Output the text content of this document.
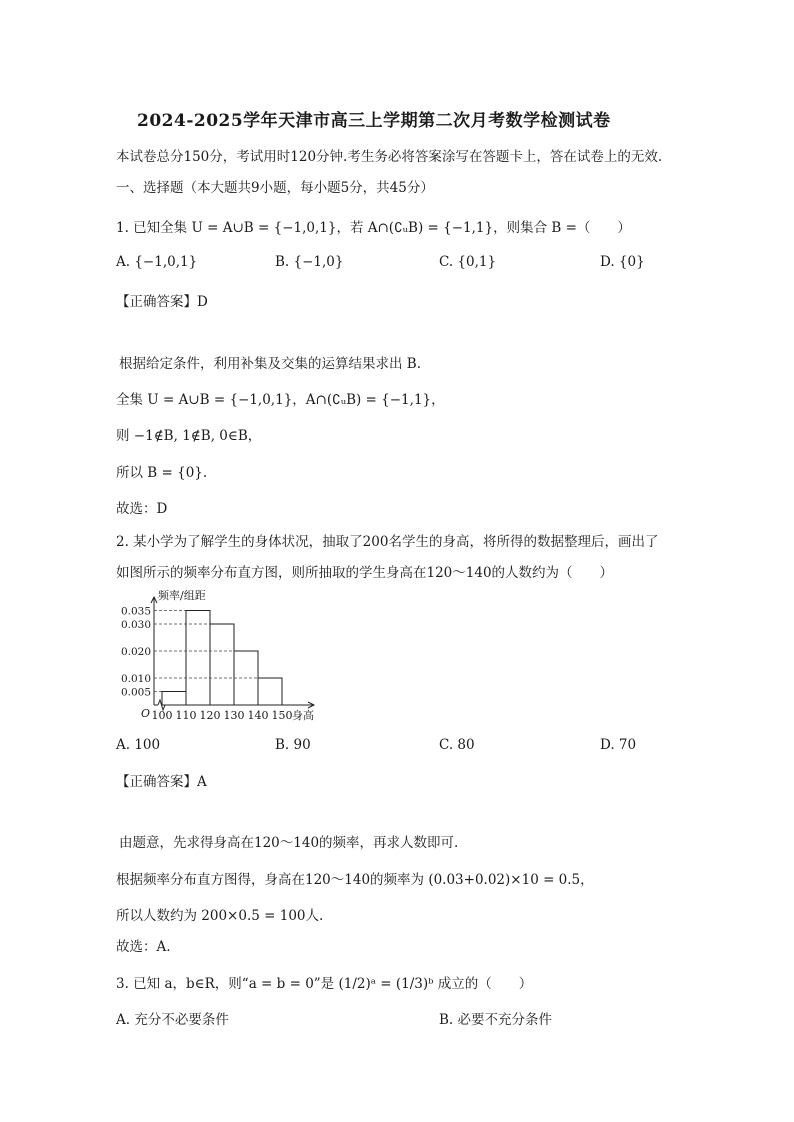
2024-2025学年天津市高三上学期第二次月考数学检测试卷
本试卷总分150分，考试用时120分钟.考生务必将答案涂写在答题卡上，答在试卷上的无效.
一、选择题（本大题共9小题，每小题5分，共45分）
1. 已知全集 U = A∪B = {−1,0,1}，若 A∩(∁ᵤB) = {−1,1}，则集合 B =（　　）
A. {−1,0,1}	B. {−1,0}	C. {0,1}	D. {0}
【正确答案】D
根据给定条件，利用补集及交集的运算结果求出 B.
全集 U = A∪B = {−1,0,1}，A∩(∁ᵤB) = {−1,1}，
则 −1∉B, 1∉B, 0∈B，
所以 B = {0}.
故选：D
2. 某小学为了解学生的身体状况，抽取了200名学生的身高，将所得的数据整理后，画出了
如图所示的频率分布直方图，则所抽取的学生身高在120～140的人数约为（　　）
0.005
0.010
0.020
0.030
0.035
100 110 120 130 140 150
O
频率/组距
身高
A. 100	B. 90	C. 80	D. 70
【正确答案】A
由题意，先求得身高在120～140的频率，再求人数即可.
根据频率分布直方图得，身高在120～140的频率为 (0.03+0.02)×10 = 0.5，
所以人数约为 200×0.5 = 100人.
故选：A.
3. 已知 a，b∈R，则“a = b = 0”是 (1/2)ᵃ = (1/3)ᵇ 成立的（　　）
A. 充分不必要条件	B. 必要不充分条件
